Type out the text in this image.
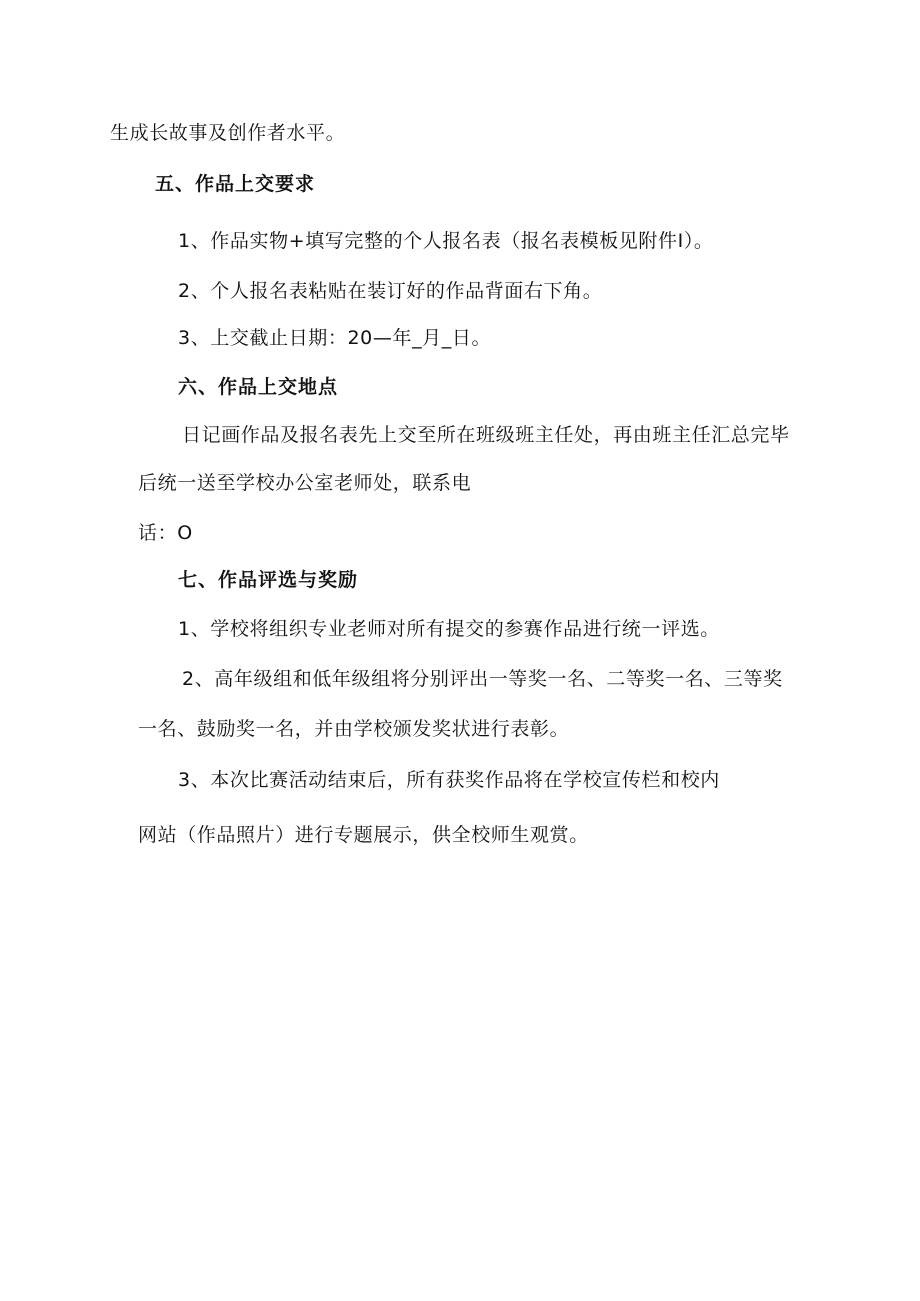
生成长故事及创作者水平。
五、作品上交要求
1、作品实物+填写完整的个人报名表（报名表模板见附件I）。
2、个人报名表粘贴在装订好的作品背面右下角。
3、上交截止日期：20—年_月_日。
六、作品上交地点
日记画作品及报名表先上交至所在班级班主任处，再由班主任汇总完毕
后统一送至学校办公室老师处，联系电
话：O
七、作品评选与奖励
1、学校将组织专业老师对所有提交的参赛作品进行统一评选。
2、高年级组和低年级组将分别评出一等奖一名、二等奖一名、三等奖
一名、鼓励奖一名，并由学校颁发奖状进行表彰。
3、本次比赛活动结束后，所有获奖作品将在学校宣传栏和校内
网站（作品照片）进行专题展示，供全校师生观赏。
